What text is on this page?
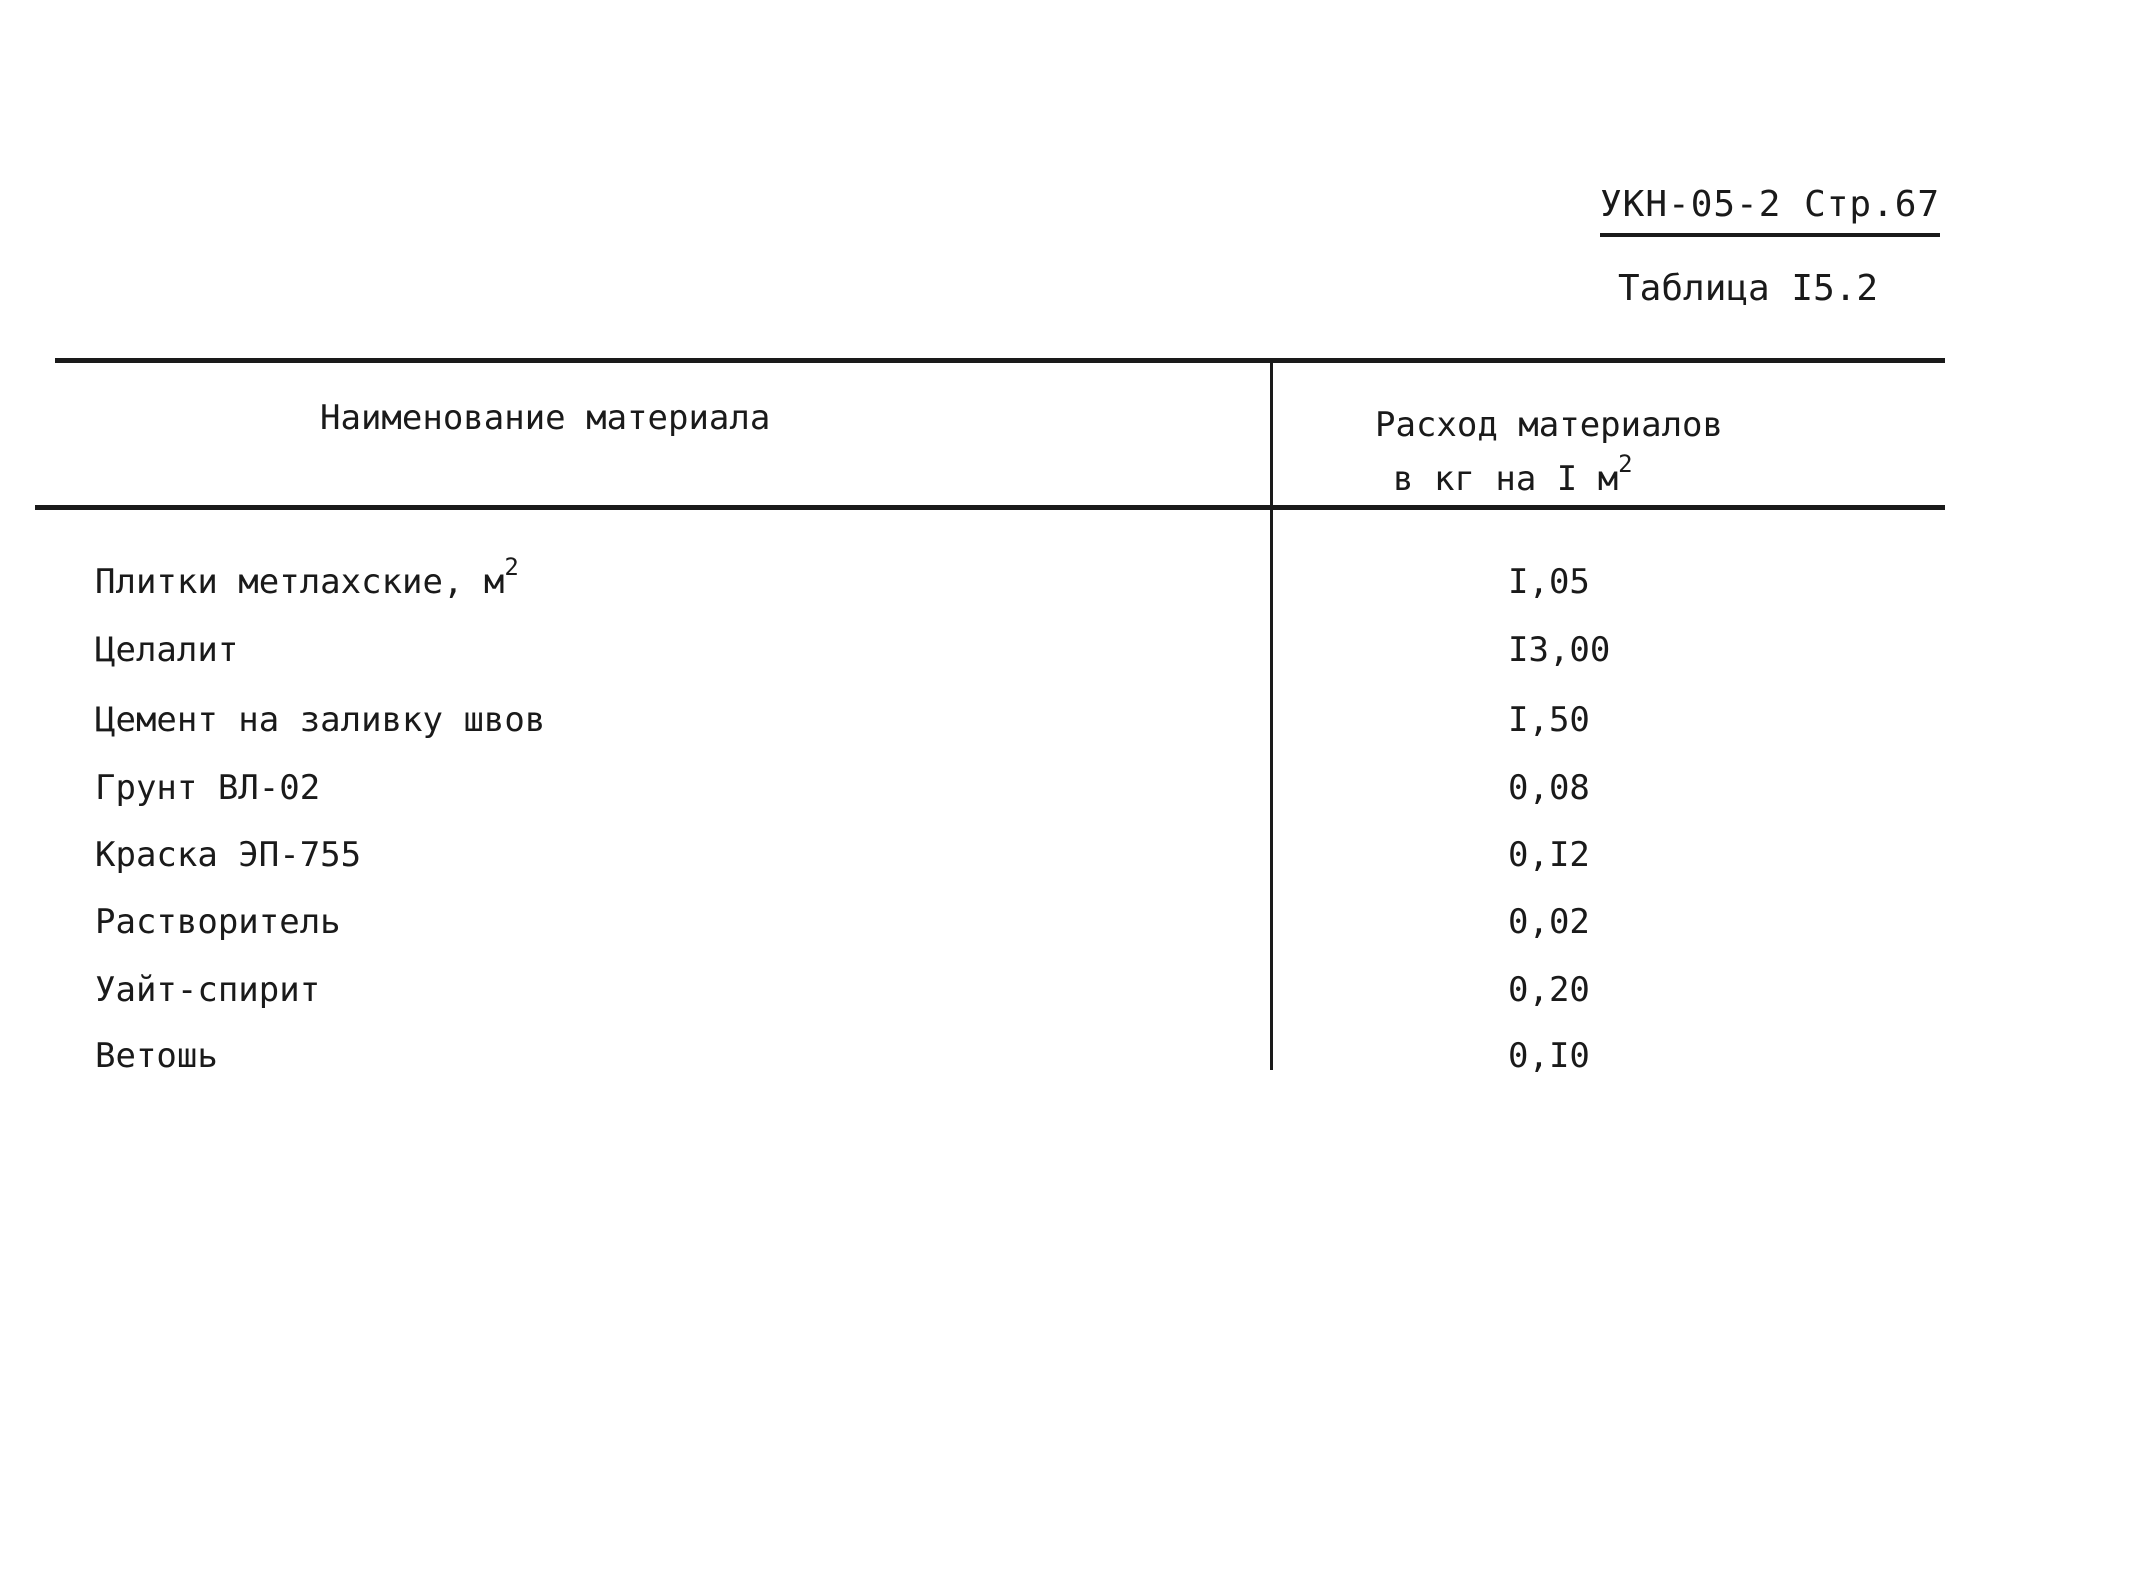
УКН-05-2 Стр.67
Таблица I5.2
Наименование материала	Расход материалов
в кг на I $м^2$
Плитки метлахские, $м^2$	I,05
Целалит	I3,00
Цемент на заливку швов	I,50
Грунт ВЛ-02	0,08
Краска ЭП-755	0,I2
Растворитель	0,02
Уайт-спирит	0,20
Ветошь	0,I0
